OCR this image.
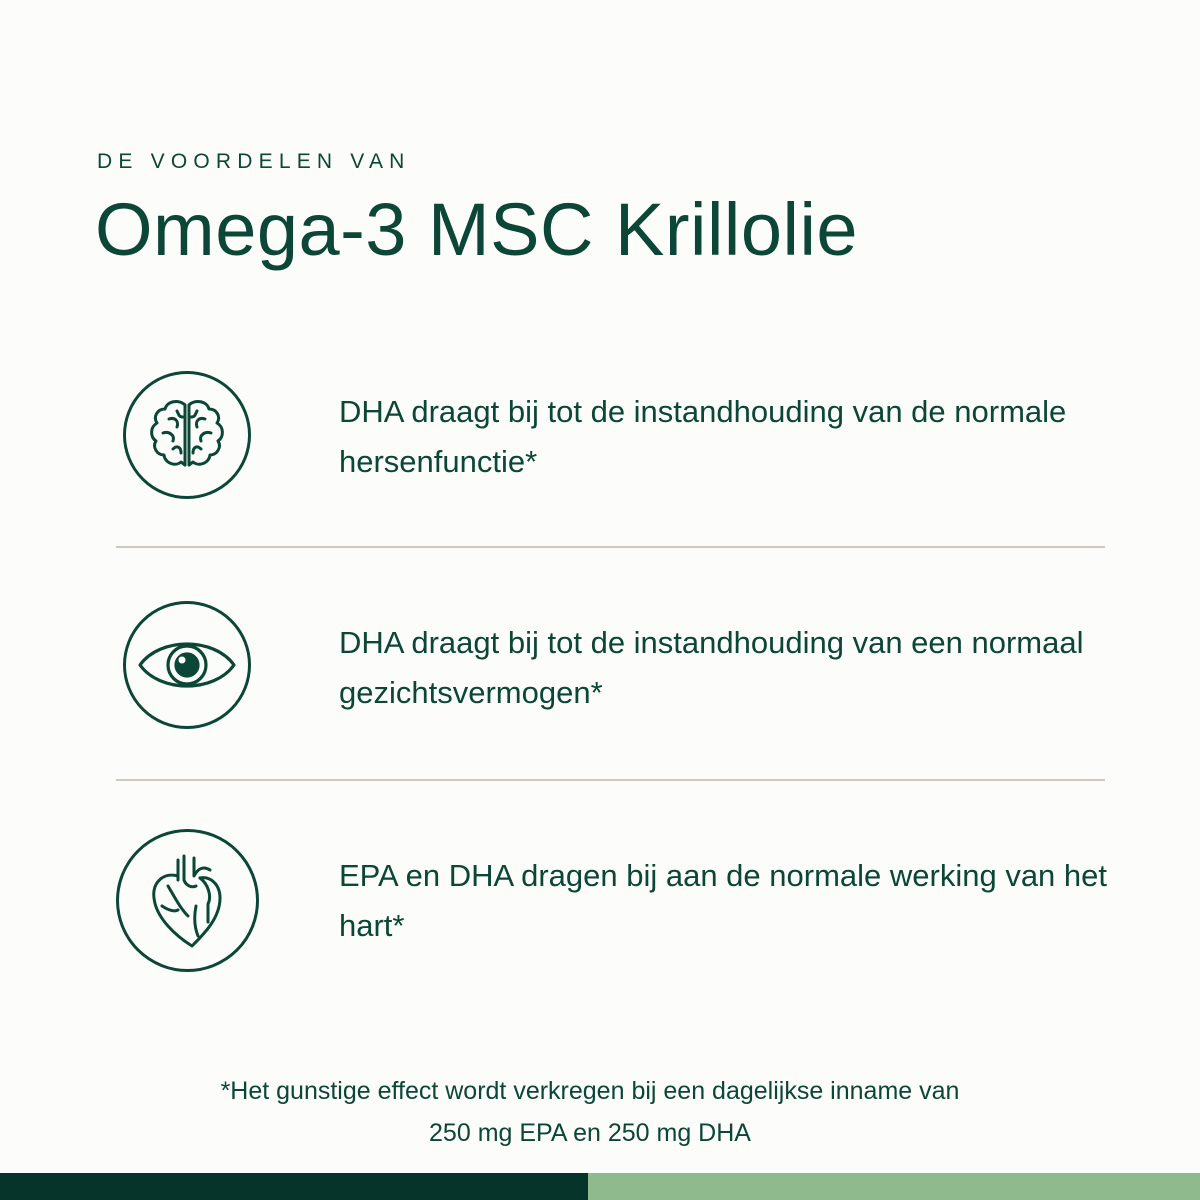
DE VOORDELEN VAN
Omega-3 MSC Krillolie
DHA draagt bij tot de instandhouding van de normale hersenfunctie*
DHA draagt bij tot de instandhouding van een normaal gezichtsvermogen*
EPA en DHA dragen bij aan de normale werking van het hart*
*Het gunstige effect wordt verkregen bij een dagelijkse inname van
250 mg EPA en 250 mg DHA
